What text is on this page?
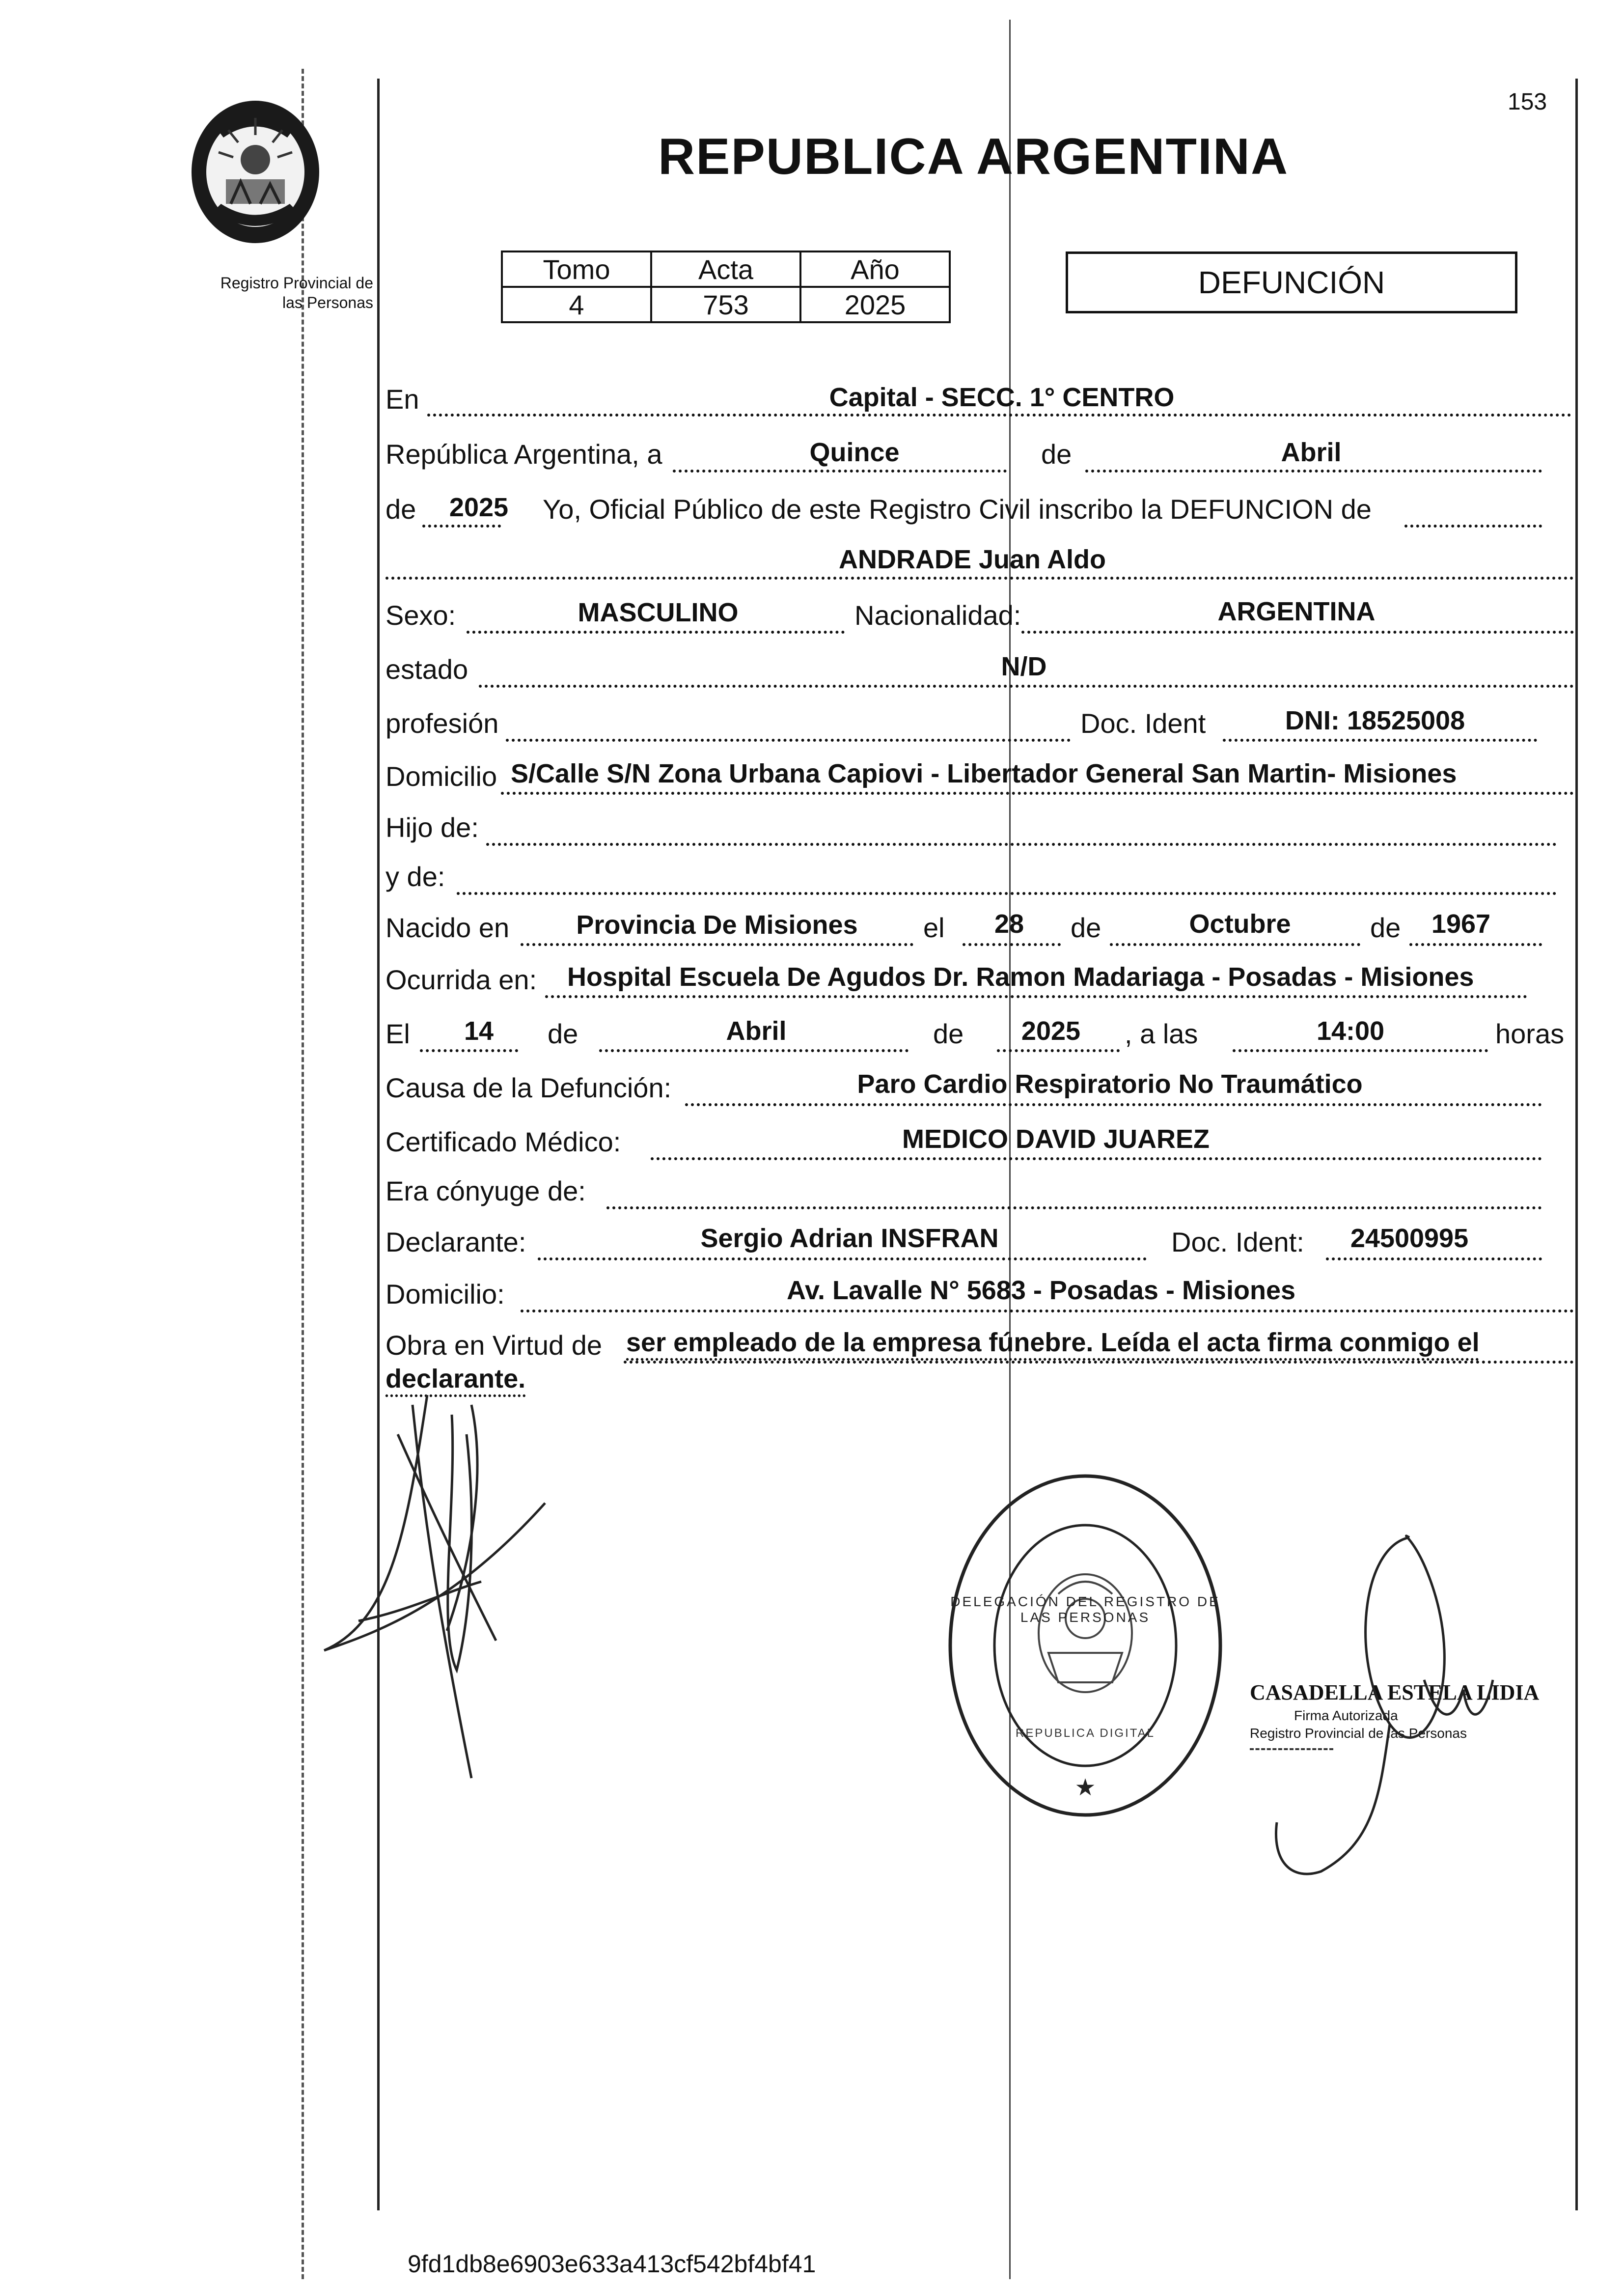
Registro Provincial de
las Personas
153
REPUBLICA ARGENTINA
Tomo	Acta	Año
4	753	2025
DEFUNCIÓN
En	Capital - SECC. 1° CENTRO
República Argentina, a	Quince	de	Abril
de 2025 Yo, Oficial Público de este Registro Civil inscribo la DEFUNCION de
ANDRADE Juan Aldo
Sexo:	MASCULINO	Nacionalidad:	ARGENTINA
estado	N/D
profesión	Doc. Ident	DNI: 18525008
Domicilio S/Calle S/N Zona Urbana Capiovi - Libertador General San Martin- Misiones
Hijo de:
y de:
Nacido en	Provincia De Misiones el 28 de	Octubre	de 1967
Ocurrida en: Hospital Escuela De Agudos Dr. Ramon Madariaga - Posadas - Misiones
El 14 de	Abril	de 2025 , a las	14:00	horas
Causa de la Defunción:	Paro Cardio Respiratorio No Traumático
Certificado Médico:	MEDICO DAVID JUAREZ
Era cónyuge de:
Declarante:	Sergio Adrian INSFRAN	Doc. Ident: 24500995
Domicilio:	Av. Lavalle N° 5683 - Posadas - Misiones
Obra en Virtud de ser empleado de la empresa fúnebre. Leída el acta firma conmigo el
declarante.
★
DELEGACIÓN DEL REGISTRO DE LAS PERSONAS
REPUBLICA DIGITAL
CASADELLA ESTELA LIDIA
Firma Autorizada
Registro Provincial de las Personas
9fd1db8e6903e633a413cf542bf4bf41
